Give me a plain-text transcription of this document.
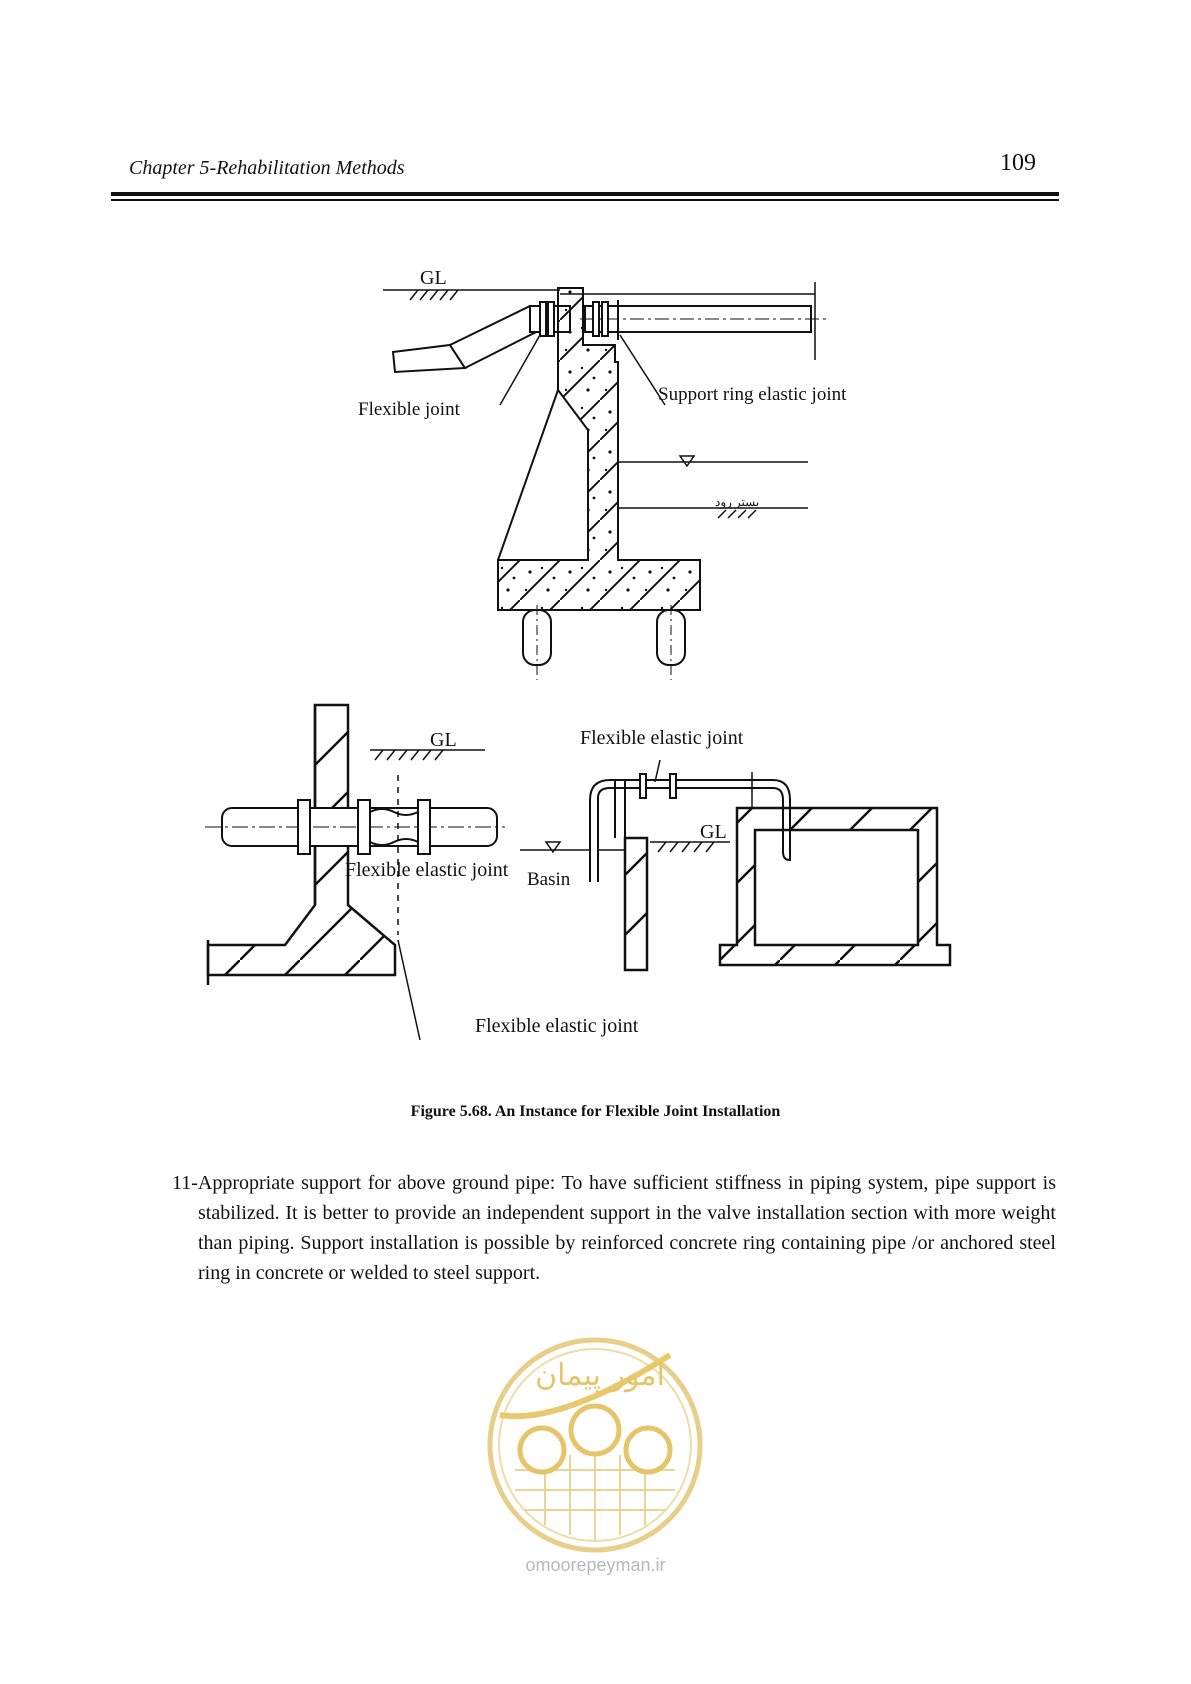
Chapter 5-Rehabilitation Methods	109
GL
بستر رود
Flexible joint
Support ring elastic joint
GL
Flexible elastic joint Basin
GL
Flexible elastic joint
Flexible elastic joint
Figure 5.68. An Instance for Flexible Joint Installation

11-Appropriate support for above ground pipe: To have sufficient stiffness in piping system, pipe support is stabilized. It is better to provide an independent support in the valve installation section with more weight than piping. Support installation is possible by reinforced concrete ring containing pipe /or anchored steel ring in concrete or welded to steel support.

امور پیمان
omoorepeyman.ir
